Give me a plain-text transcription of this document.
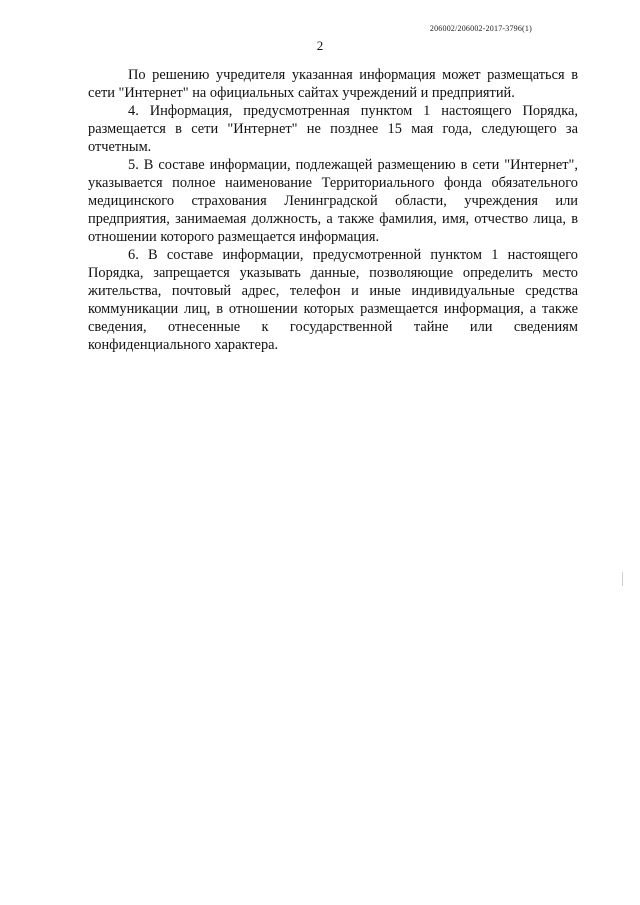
206002/206002-2017-3796(1)
2

По решению учредителя указанная информация может размещаться в сети "Интернет" на официальных сайтах учреждений и предприятий.

4. Информация, предусмотренная пунктом 1 настоящего Порядка, размещается в сети "Интернет" не позднее 15 мая года, следующего за отчетным.

5. В составе информации, подлежащей размещению в сети "Интернет", указывается полное наименование Территориального фонда обязательного медицинского страхования Ленинградской области, учреждения или предприятия, занимаемая должность, а также фамилия, имя, отчество лица, в отношении которого размещается информация.

6. В составе информации, предусмотренной пунктом 1 настоящего Порядка, запрещается указывать данные, позволяющие определить место жительства, почтовый адрес, телефон и иные индивидуальные средства коммуникации лиц, в отношении которых размещается информация, а также сведения, отнесенные к государственной тайне или сведениям конфиденциального характера.
